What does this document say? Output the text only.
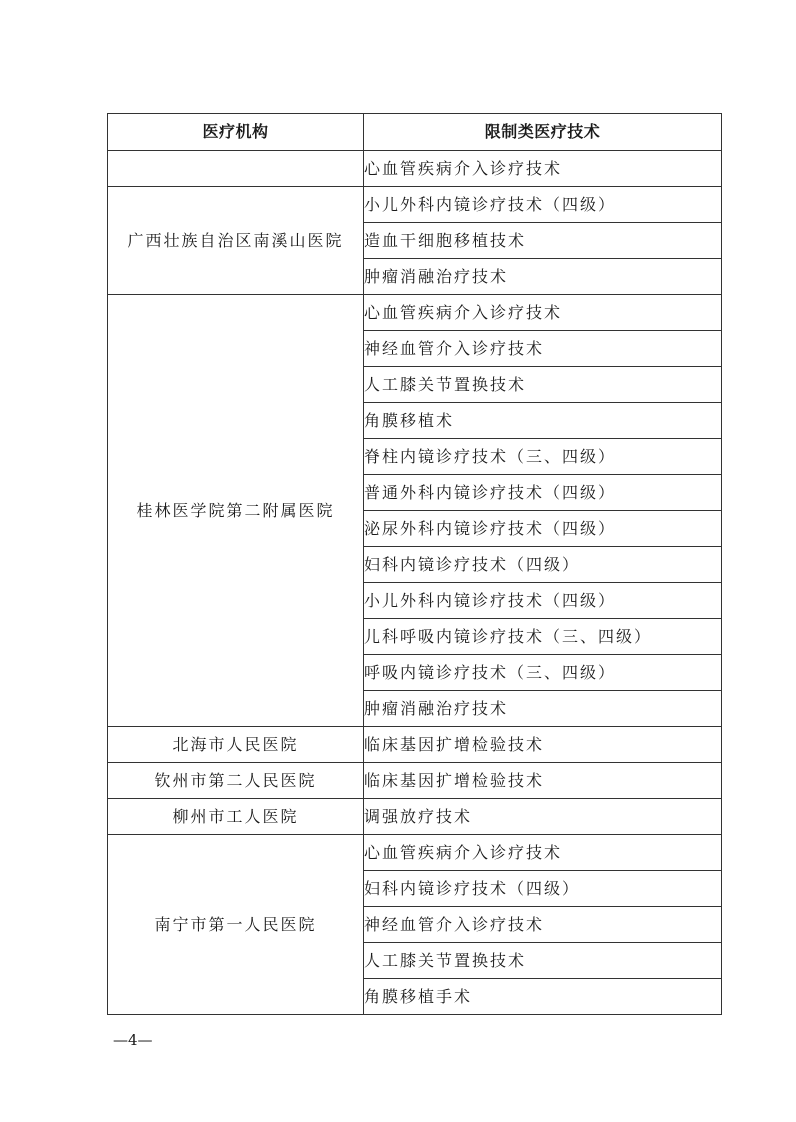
医疗机构	限制类医疗技术
	心血管疾病介入诊疗技术
广西壮族自治区南溪山医院	小儿外科内镜诊疗技术（四级）
	造血干细胞移植技术
	肿瘤消融治疗技术
桂林医学院第二附属医院	心血管疾病介入诊疗技术
	神经血管介入诊疗技术
	人工膝关节置换技术
	角膜移植术
	脊柱内镜诊疗技术（三、四级）
	普通外科内镜诊疗技术（四级）
	泌尿外科内镜诊疗技术（四级）
	妇科内镜诊疗技术（四级）
	小儿外科内镜诊疗技术（四级）
	儿科呼吸内镜诊疗技术（三、四级）
	呼吸内镜诊疗技术（三、四级）
	肿瘤消融治疗技术
北海市人民医院	临床基因扩增检验技术
钦州市第二人民医院	临床基因扩增检验技术
柳州市工人医院	调强放疗技术
南宁市第一人民医院	心血管疾病介入诊疗技术
	妇科内镜诊疗技术（四级）
	神经血管介入诊疗技术
	人工膝关节置换技术
	角膜移植手术
—4—
